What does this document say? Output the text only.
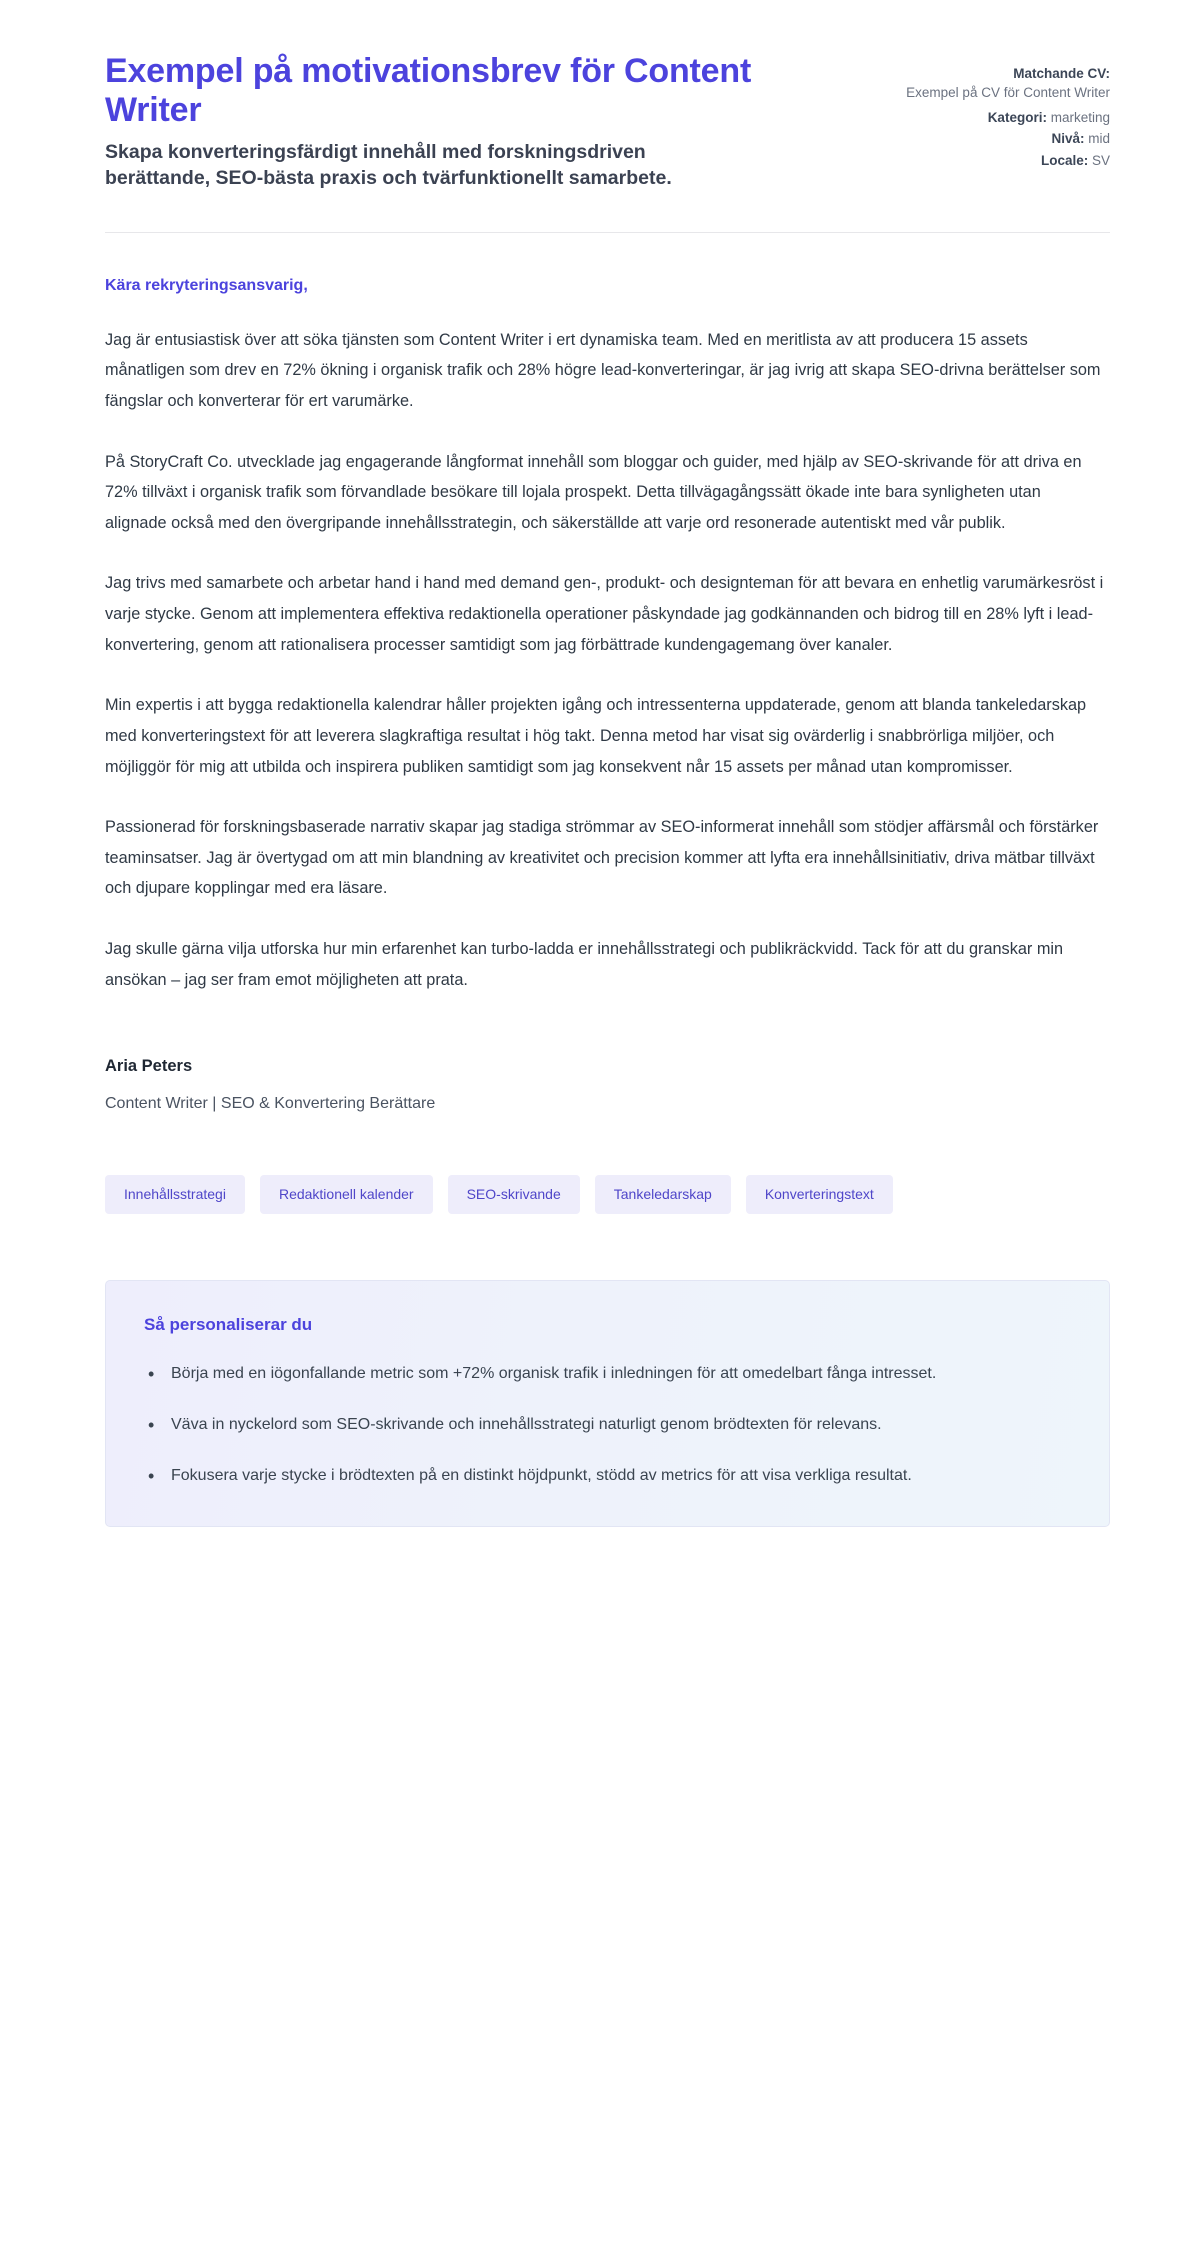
Exempel på motivationsbrev för Content Writer

Skapa konverteringsfärdigt innehåll med forskningsdriven berättande, SEO-bästa praxis och tvärfunktionellt samarbete.

Matchande CV:
Exempel på CV för Content Writer
Kategori: marketing
Nivå: mid
Locale: SV

Kära rekryteringsansvarig,

Jag är entusiastisk över att söka tjänsten som Content Writer i ert dynamiska team. Med en meritlista av att producera 15 assets månatligen som drev en 72% ökning i organisk trafik och 28% högre lead-konverteringar, är jag ivrig att skapa SEO-drivna berättelser som fängslar och konverterar för ert varumärke.

På StoryCraft Co. utvecklade jag engagerande långformat innehåll som bloggar och guider, med hjälp av SEO-skrivande för att driva en 72% tillväxt i organisk trafik som förvandlade besökare till lojala prospekt. Detta tillvägagångssätt ökade inte bara synligheten utan alignade också med den övergripande innehållsstrategin, och säkerställde att varje ord resonerade autentiskt med vår publik.

Jag trivs med samarbete och arbetar hand i hand med demand gen-, produkt- och designteman för att bevara en enhetlig varumärkesröst i varje stycke. Genom att implementera effektiva redaktionella operationer påskyndade jag godkännanden och bidrog till en 28% lyft i lead-konvertering, genom att rationalisera processer samtidigt som jag förbättrade kundengagemang över kanaler.

Min expertis i att bygga redaktionella kalendrar håller projekten igång och intressenterna uppdaterade, genom att blanda tankeledarskap med konverteringstext för att leverera slagkraftiga resultat i hög takt. Denna metod har visat sig ovärderlig i snabbrörliga miljöer, och möjliggör för mig att utbilda och inspirera publiken samtidigt som jag konsekvent når 15 assets per månad utan kompromisser.

Passionerad för forskningsbaserade narrativ skapar jag stadiga strömmar av SEO-informerat innehåll som stödjer affärsmål och förstärker teaminsatser. Jag är övertygad om att min blandning av kreativitet och precision kommer att lyfta era innehållsinitiativ, driva mätbar tillväxt och djupare kopplingar med era läsare.

Jag skulle gärna vilja utforska hur min erfarenhet kan turbo-ladda er innehållsstrategi och publikräckvidd. Tack för att du granskar min ansökan – jag ser fram emot möjligheten att prata.

Aria Peters
Content Writer | SEO & Konvertering Berättare
Innehållsstrategi	Redaktionell kalender	SEO-skrivande	Tankeledarskap	Konverteringstext
Så personaliserar du
• Börja med en iögonfallande metric som +72% organisk trafik i inledningen för att omedelbart fånga intresset.
• Väva in nyckelord som SEO-skrivande och innehållsstrategi naturligt genom brödtexten för relevans.
• Fokusera varje stycke i brödtexten på en distinkt höjdpunkt, stödd av metrics för att visa verkliga resultat.
